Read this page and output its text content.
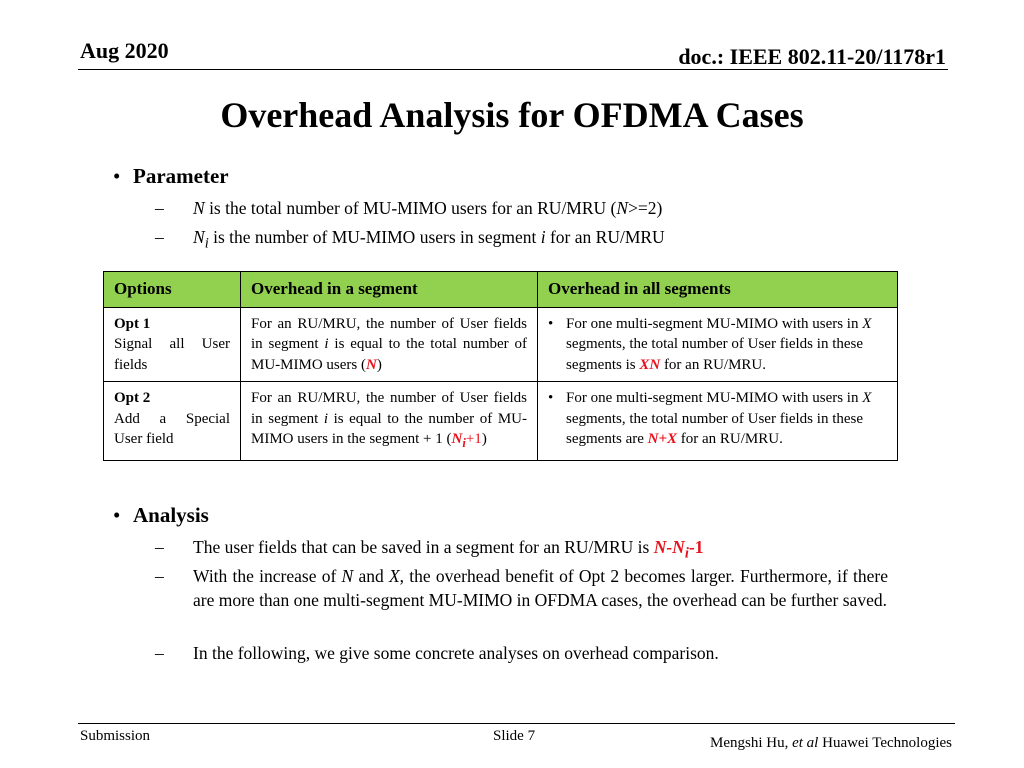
Aug 2020	doc.: IEEE 802.11-20/1178r1
Overhead Analysis for OFDMA Cases
• Parameter
– N is the total number of MU-MIMO users for an RU/MRU (N>=2)
– $N_i$ is the number of MU-MIMO users in segment i for an RU/MRU
Options	Overhead in a segment	Overhead in all segments

Opt 1
Signal all User fields	For an RU/MRU, the number of User fields in segment i is equal to the total number of MU-MIMO users (N)	• For one multi-segment MU-MIMO with users in X segments, the total number of User fields in these segments is XN for an RU/MRU.

Opt 2
Add a Special User field	For an RU/MRU, the number of User fields in segment i is equal to the number of MU-MIMO users in the segment + 1 $(N_i+1)$	• For one multi-segment MU-MIMO with users in X segments, the total number of User fields in these segments are N+X for an RU/MRU.
• Analysis
– The user fields that can be saved in a segment for an RU/MRU is $N-N_i-1$
– With the increase of N and X, the overhead benefit of Opt 2 becomes larger. Furthermore, if there are more than one multi-segment MU-MIMO in OFDMA cases, the overhead can be further saved.
– In the following, we give some concrete analyses on overhead comparison.
Submission	Slide 7	Mengshi Hu, et al Huawei Technologies
